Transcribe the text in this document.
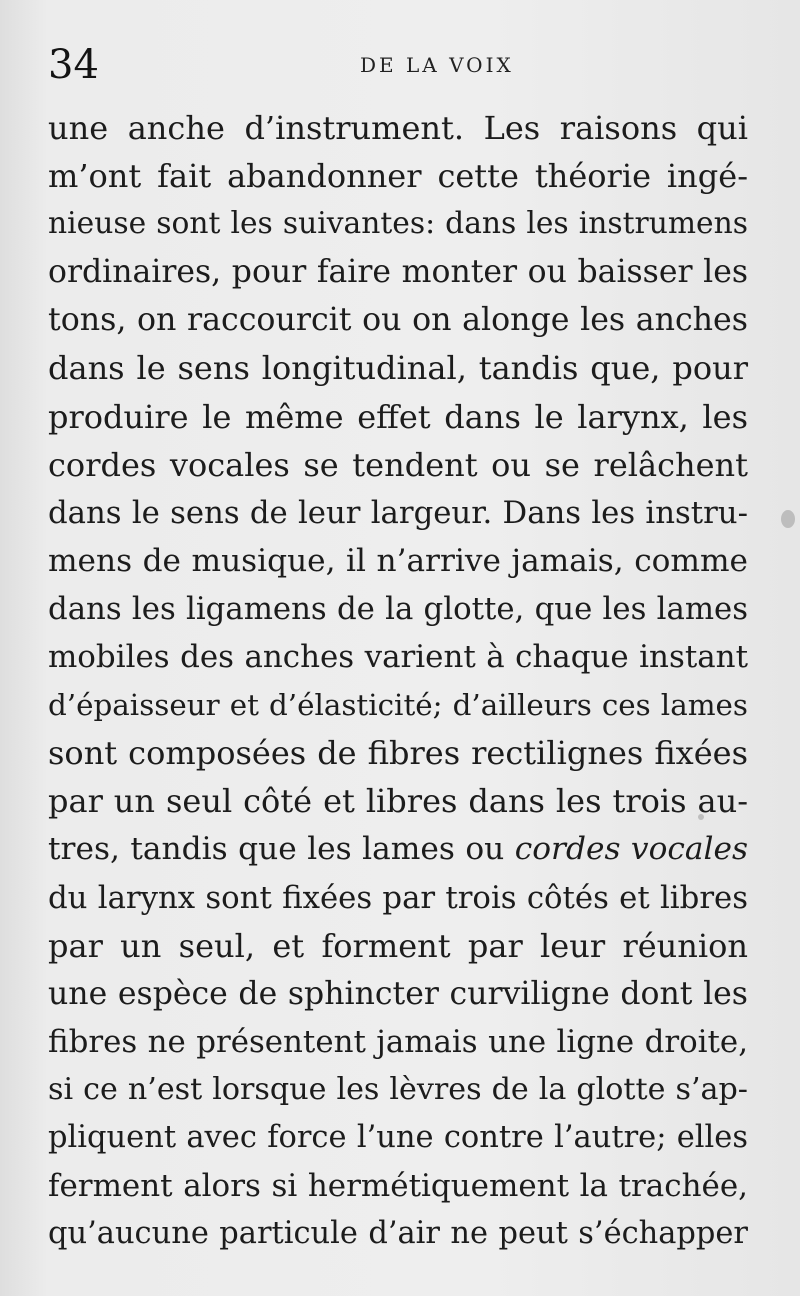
34	DE LA VOIX
une anche d’instrument. Les raisons qui
m’ont fait abandonner cette théorie ingé-
nieuse sont les suivantes: dans les instrumens
ordinaires, pour faire monter ou baisser les
tons, on raccourcit ou on alonge les anches
dans le sens longitudinal, tandis que, pour
produire le même effet dans le larynx, les
cordes vocales se tendent ou se relâchent
dans le sens de leur largeur. Dans les instru-
mens de musique, il n’arrive jamais, comme
dans les ligamens de la glotte, que les lames
mobiles des anches varient à chaque instant
d’épaisseur et d’élasticité; d’ailleurs ces lames
sont composées de fibres rectilignes fixées
par un seul côté et libres dans les trois au-
tres, tandis que les lames ou cordes vocales
du larynx sont fixées par trois côtés et libres
par un seul, et forment par leur réunion
une espèce de sphincter curviligne dont les
fibres ne présentent jamais une ligne droite,
si ce n’est lorsque les lèvres de la glotte s’ap-
pliquent avec force l’une contre l’autre; elles
ferment alors si hermétiquement la trachée,
qu’aucune particule d’air ne peut s’échapper
